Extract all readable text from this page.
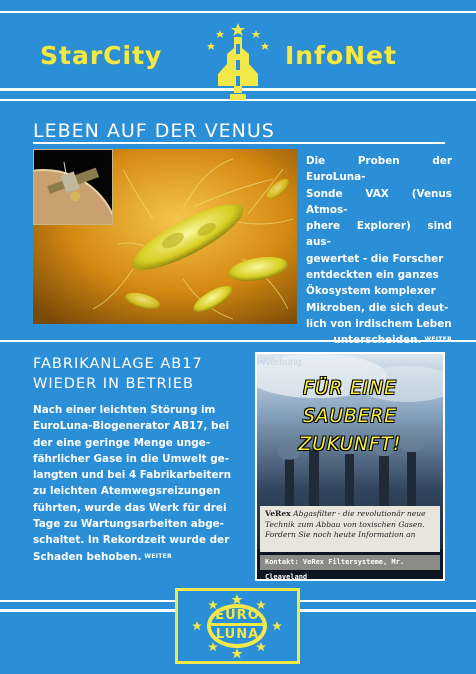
StarCity	InfoNet
LEBEN AUF DER VENUS
Die Proben der EuroLuna-
Sonde VAX (Venus Atmos-
phere Explorer) sind aus-
gewertet - die Forscher
entdeckten ein ganzes
Ökosystem komplexer
Mikroben, die sich deut-
lich von irdischem Leben
FABRIKANLAGE AB17
WIEDER IN BETRIEB
Nach einer leichten Störung im
EuroLuna-Biogenerator AB17, bei
der eine geringe Menge unge-
fährlicher Gase in die Umwelt ge-
langten und bei 4 Fabrikarbeitern
zu leichten Atemwegsreizungen
führten, wurde das Werk für drei
Tage zu Wartungsarbeiten abge-
schaltet. In Rekordzeit wurde der
Schaden behoben. WEITER
Werbung
FÜR EINE
SAUBERE
ZUKUNFT!
VeRex Abgasfilter - die revolutionär neue
Technik zum Abbau von toxischen Gasen.
Fordern Sie noch heute Information an
Kontakt: VeRex Filtersysteme, Mr. Cleaveland
EURO
LUNA
